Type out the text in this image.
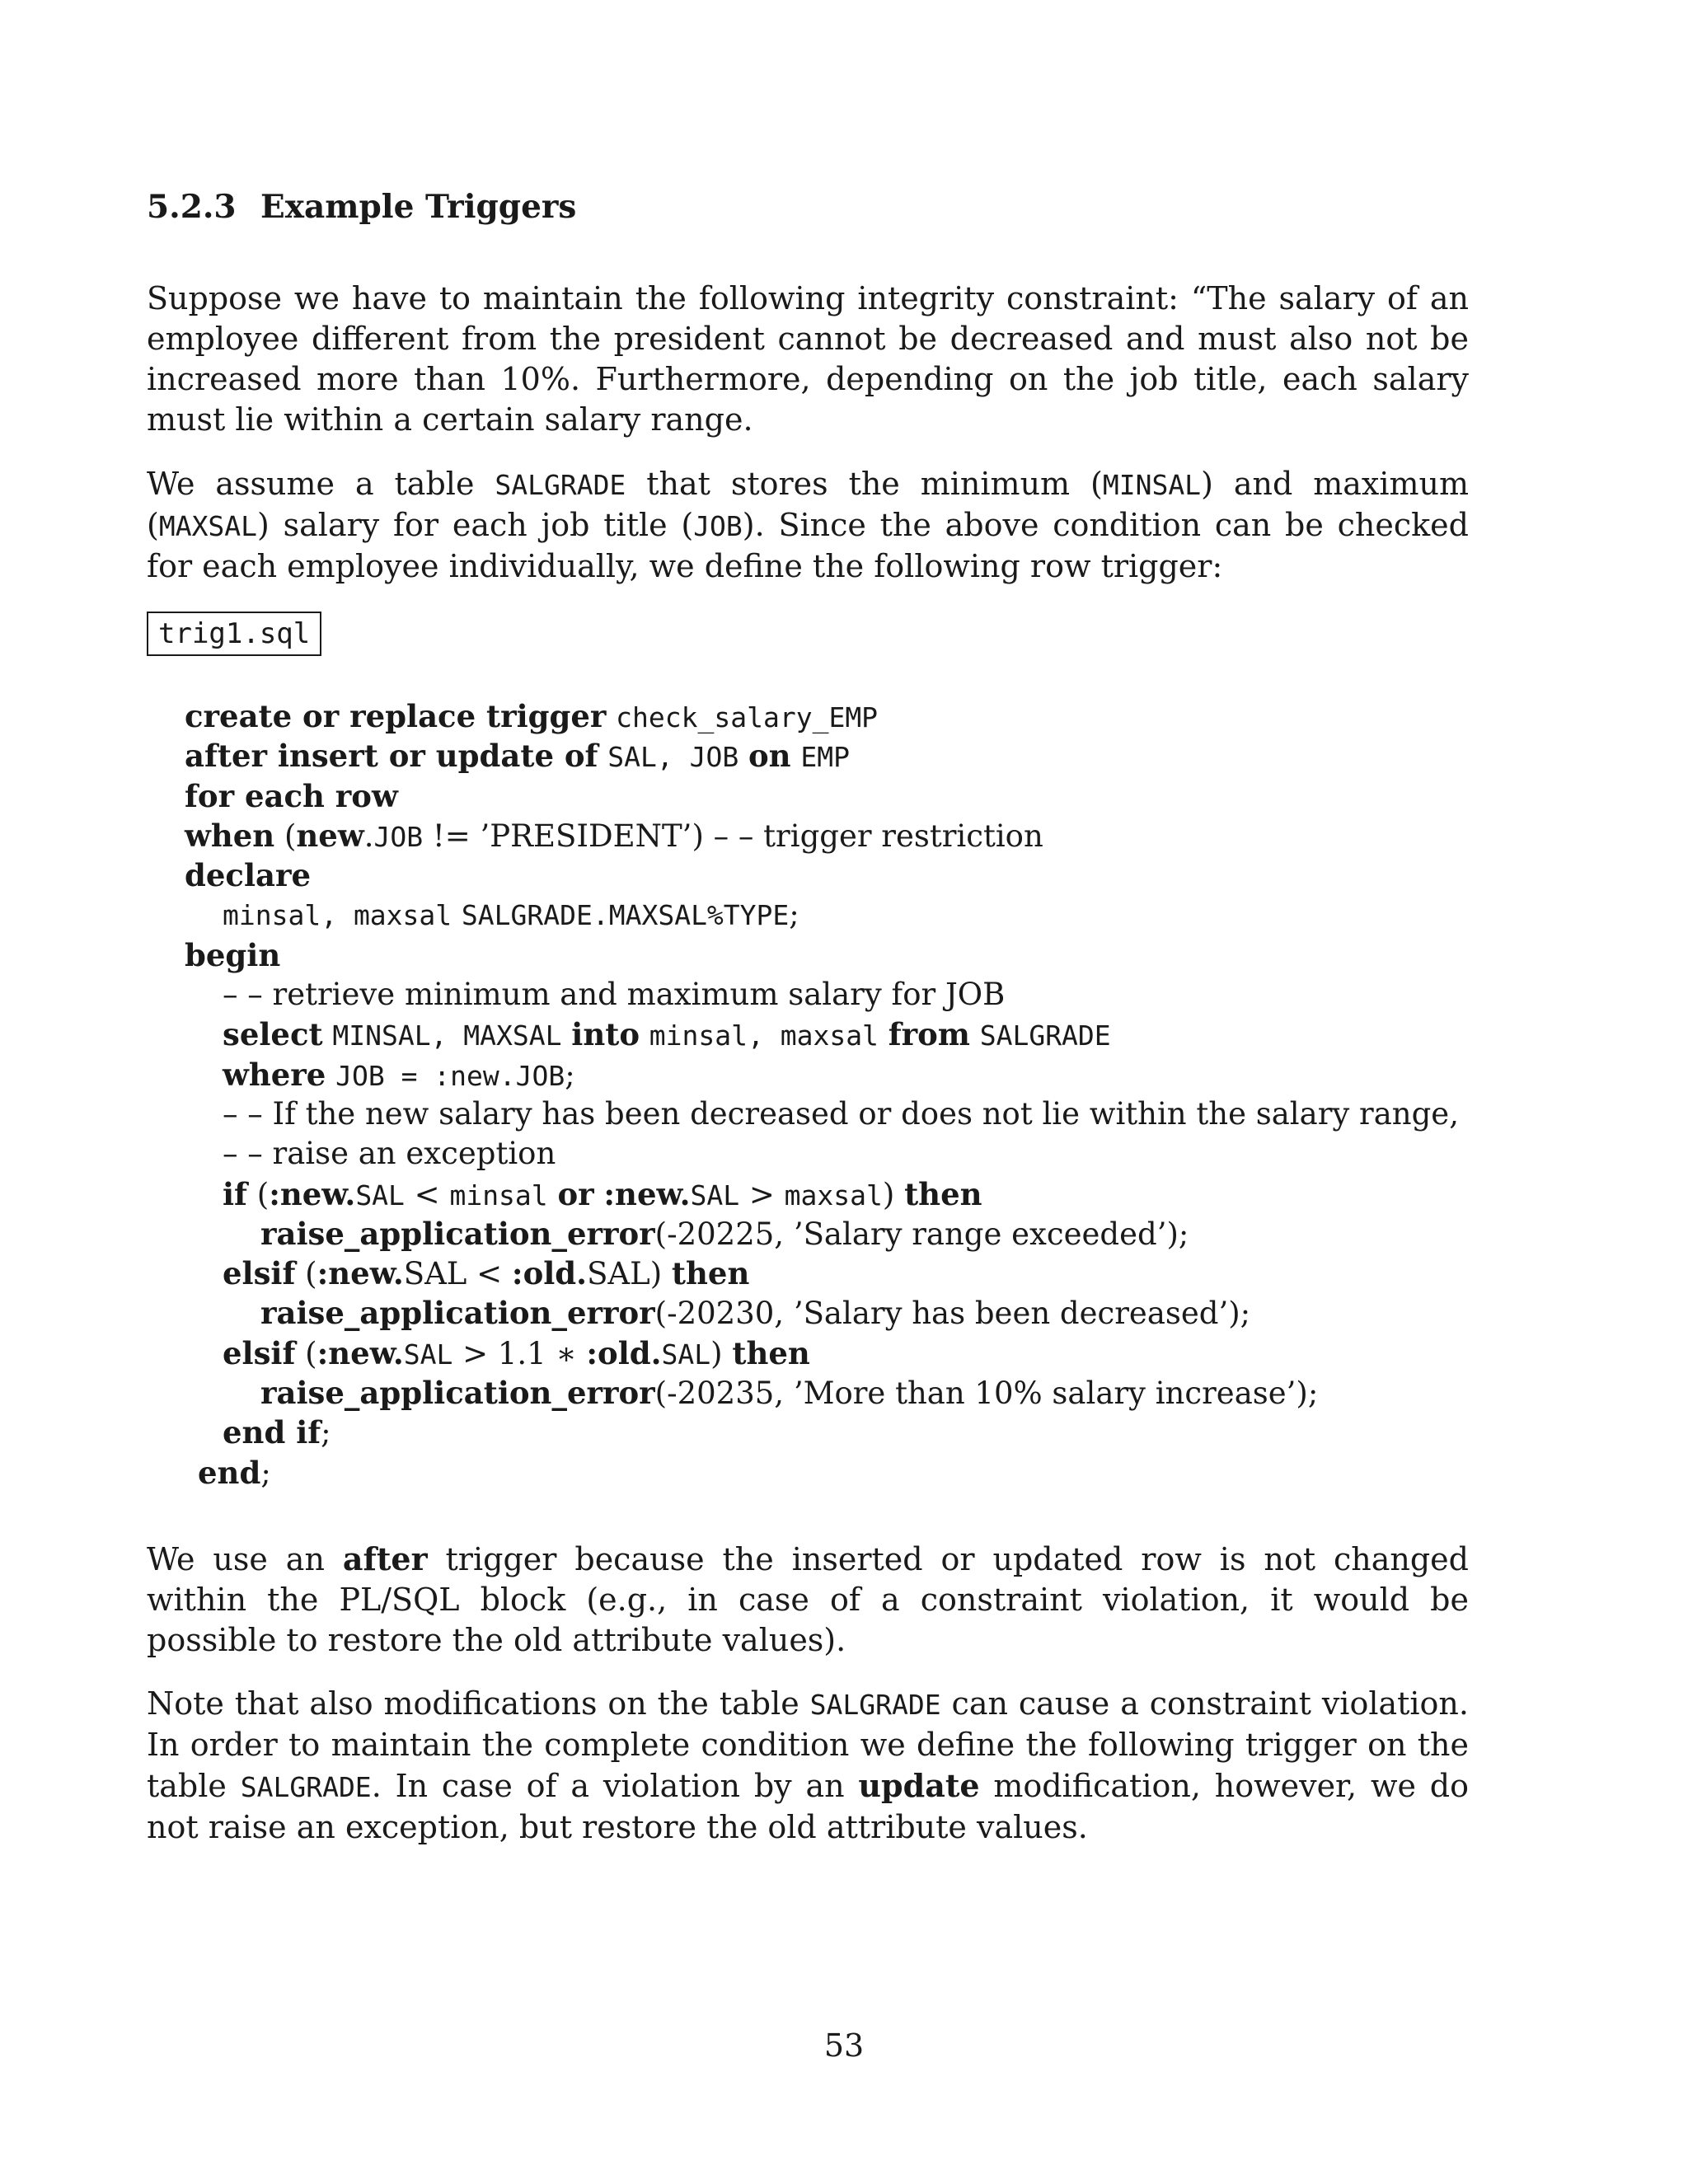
5.2.3 Example Triggers

Suppose we have to maintain the following integrity constraint: “The salary of an employee different from the president cannot be decreased and must also not be increased more than 10%. Furthermore, depending on the job title, each salary must lie within a certain salary range.

We assume a table SALGRADE that stores the minimum (MINSAL) and maximum (MAXSAL) salary for each job title (JOB). Since the above condition can be checked for each employee individually, we define the following row trigger:

trig1.sql
create or replace trigger check_salary_EMP
after insert or update of SAL, JOB on EMP
for each row
when (new.JOB != ’PRESIDENT’) – – trigger restriction
declare
minsal, maxsal SALGRADE.MAXSAL%TYPE;
begin
– – retrieve minimum and maximum salary for JOB
select MINSAL, MAXSAL into minsal, maxsal from SALGRADE
where JOB = :new.JOB;
– – If the new salary has been decreased or does not lie within the salary range,
– – raise an exception
if (:new.SAL < minsal or :new.SAL > maxsal) then
raise_application_error(-20225, ’Salary range exceeded’);
elsif (:new.SAL < :old.SAL) then
raise_application_error(-20230, ’Salary has been decreased’);
elsif (:new.SAL > 1.1 ∗ :old.SAL) then
raise_application_error(-20235, ’More than 10% salary increase’);
end if;
end;

We use an after trigger because the inserted or updated row is not changed within the PL/SQL block (e.g., in case of a constraint violation, it would be possible to restore the old attribute values).

Note that also modifications on the table SALGRADE can cause a constraint violation. In order to maintain the complete condition we define the following trigger on the table SALGRADE. In case of a violation by an update modification, however, we do not raise an exception, but restore the old attribute values.

53
